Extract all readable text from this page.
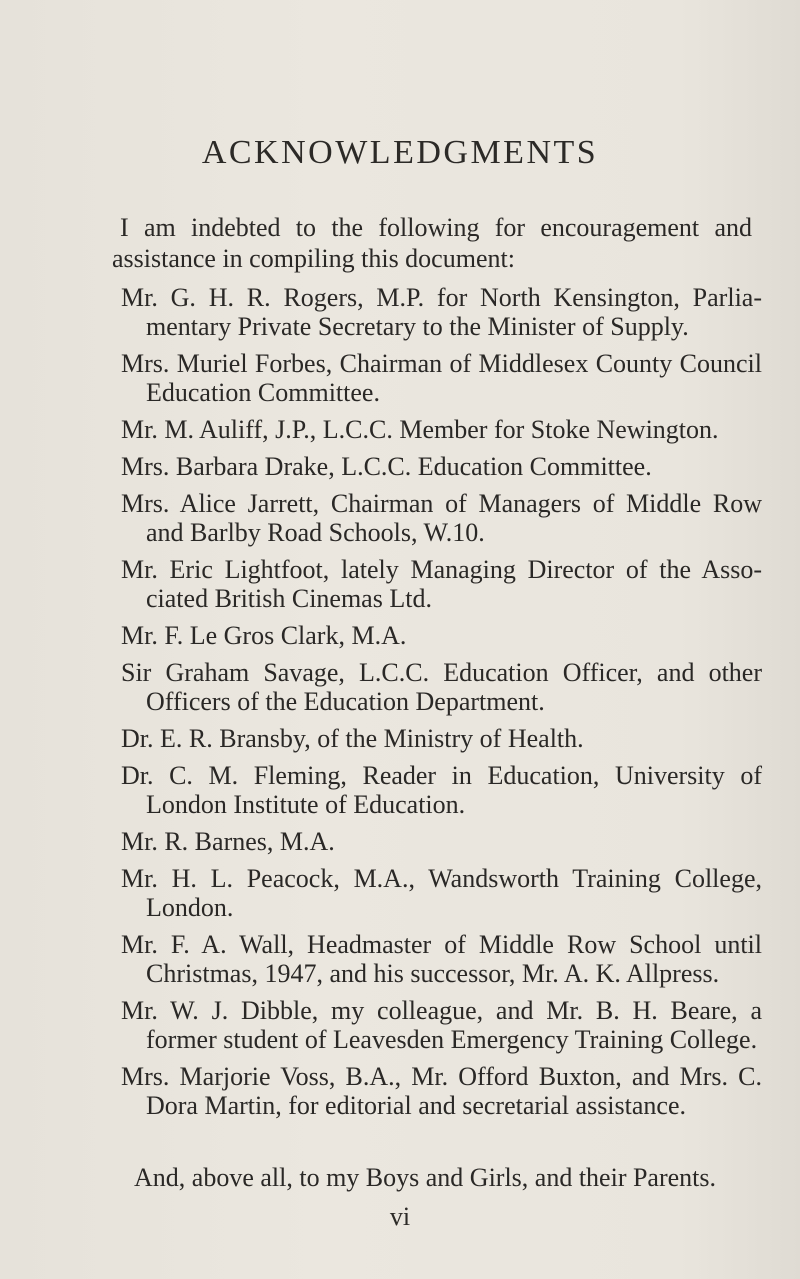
ACKNOWLEDGMENTS

I am indebted to the following for encouragement and assistance in compiling this document:

Mr. G. H. R. Rogers, M.P. for North Kensington, Parlia-mentary Private Secretary to the Minister of Supply.
Mrs. Muriel Forbes, Chairman of Middlesex County Council Education Committee.
Mr. M. Auliff, J.P., L.C.C. Member for Stoke Newington.
Mrs. Barbara Drake, L.C.C. Education Committee.
Mrs. Alice Jarrett, Chairman of Managers of Middle Row and Barlby Road Schools, W.10.
Mr. Eric Lightfoot, lately Managing Director of the Asso-ciated British Cinemas Ltd.
Mr. F. Le Gros Clark, M.A.
Sir Graham Savage, L.C.C. Education Officer, and other Officers of the Education Department.
Dr. E. R. Bransby, of the Ministry of Health.
Dr. C. M. Fleming, Reader in Education, University of London Institute of Education.
Mr. R. Barnes, M.A.
Mr. H. L. Peacock, M.A., Wandsworth Training College, London.
Mr. F. A. Wall, Headmaster of Middle Row School until Christmas, 1947, and his successor, Mr. A. K. Allpress.
Mr. W. J. Dibble, my colleague, and Mr. B. H. Beare, a former student of Leavesden Emergency Training College.
Mrs. Marjorie Voss, B.A., Mr. Offord Buxton, and Mrs. C. Dora Martin, for editorial and secretarial assistance.

And, above all, to my Boys and Girls, and their Parents.

vi
